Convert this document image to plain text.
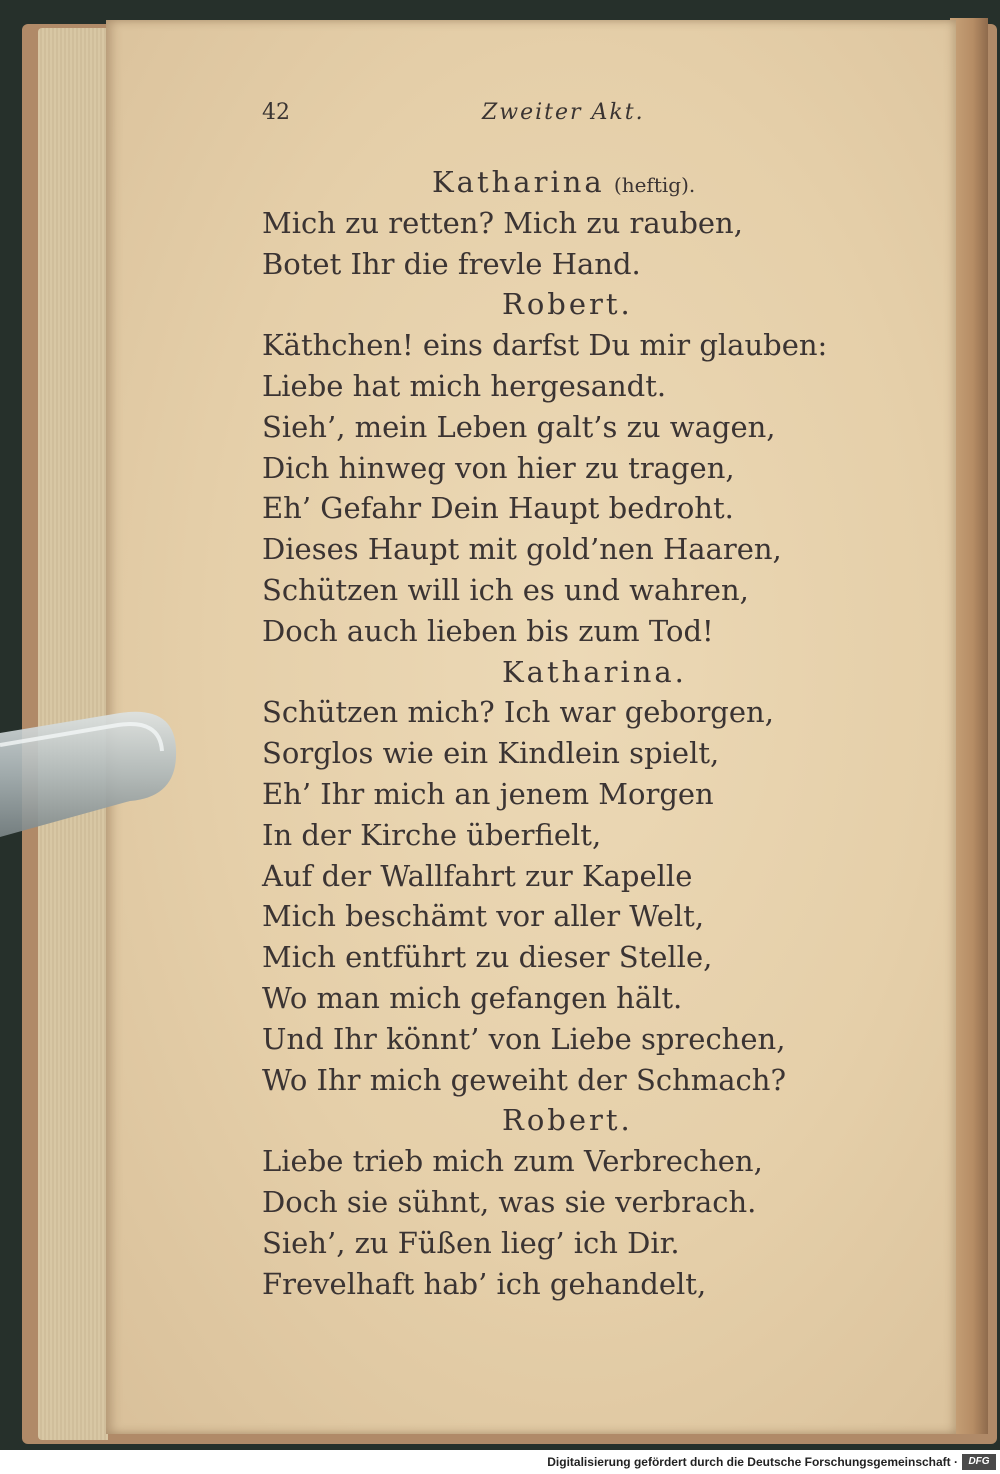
42	Zweiter Akt.
Katharina (heftig).
Mich zu retten? Mich zu rauben,
Botet Ihr die frevle Hand.
Robert.
Käthchen! eins darfst Du mir glauben:
Liebe hat mich hergesandt.
Sieh’, mein Leben galt’s zu wagen,
Dich hinweg von hier zu tragen,
Eh’ Gefahr Dein Haupt bedroht.
Dieses Haupt mit gold’nen Haaren,
Schützen will ich es und wahren,
Doch auch lieben bis zum Tod!
Katharina.
Schützen mich? Ich war geborgen,
Sorglos wie ein Kindlein spielt,
Eh’ Ihr mich an jenem Morgen
In der Kirche überfielt,
Auf der Wallfahrt zur Kapelle
Mich beschämt vor aller Welt,
Mich entführt zu dieser Stelle,
Wo man mich gefangen hält.
Und Ihr könnt’ von Liebe sprechen,
Wo Ihr mich geweiht der Schmach?
Robert.
Liebe trieb mich zum Verbrechen,
Doch sie sühnt, was sie verbrach.
Sieh’, zu Füßen lieg’ ich Dir.
Frevelhaft hab’ ich gehandelt,
Digitalisierung gefördert durch die Deutsche Forschungsgemeinschaft ·	DFG
